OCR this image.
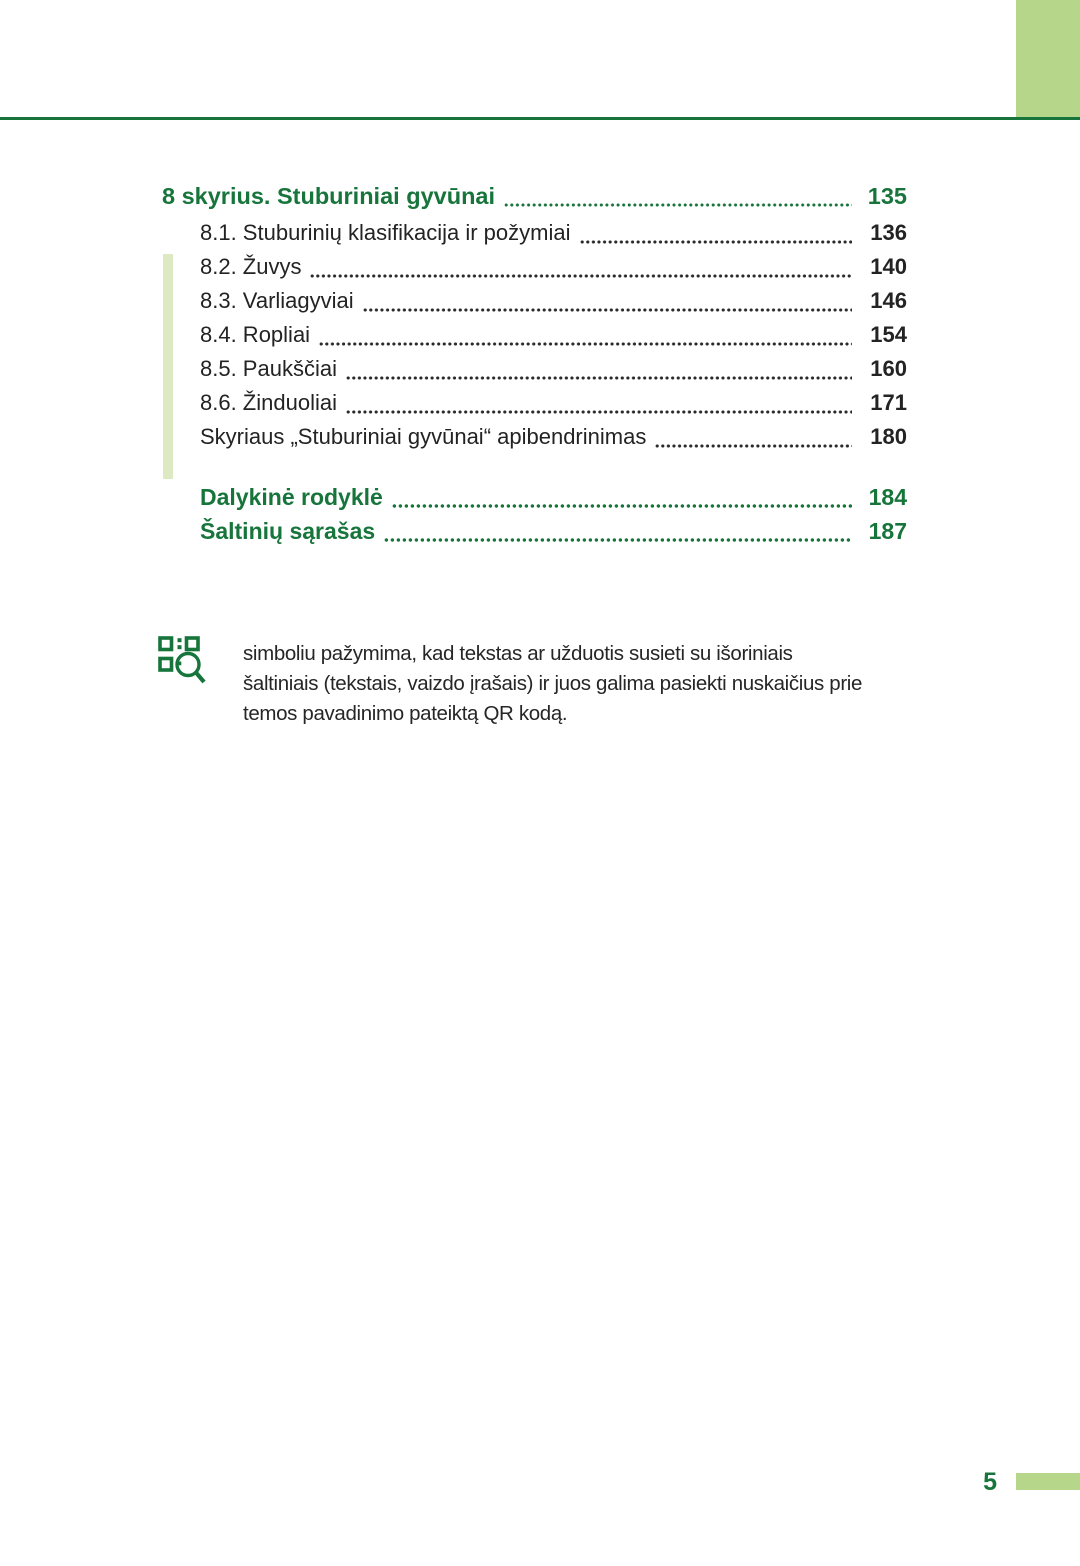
8 skyrius. Stuburiniai gyvūnai	135
8.1. Stuburinių klasifikacija ir požymiai	136
8.2. Žuvys	140
8.3. Varliagyviai	146
8.4. Ropliai	154
8.5. Paukščiai	160
8.6. Žinduoliai	171
Skyriaus „Stuburiniai gyvūnai“ apibendrinimas	180
Dalykinė rodyklė	184
Šaltinių sąrašas	187

simboliu pažymima, kad tekstas ar užduotis susieti su išoriniais šaltiniais (tekstais, vaizdo įrašais) ir juos galima pasiekti nuskaičius prie temos pavadinimo pateiktą QR kodą.

5
